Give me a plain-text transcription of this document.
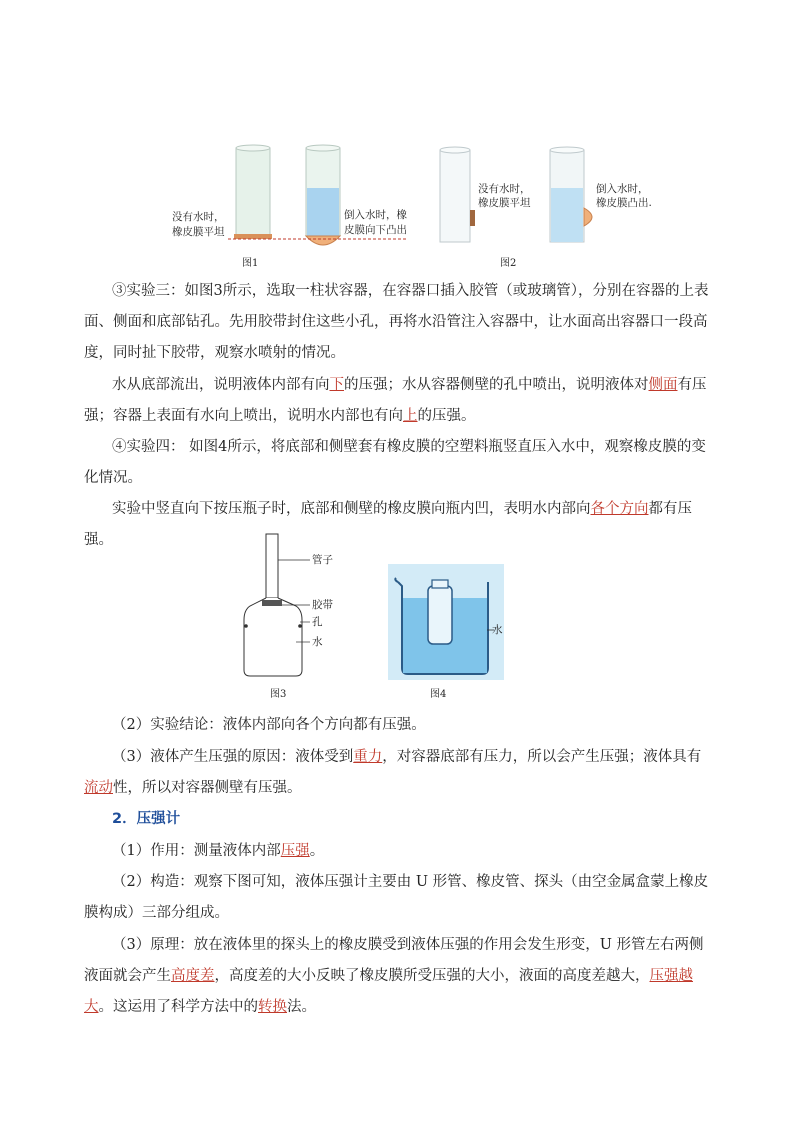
没有水时，
橡皮膜平坦
倒入水时，橡
皮膜向下凸出
图1
没有水时，
橡皮膜平坦
倒入水时，
橡皮膜凸出.
图2

③实验三：如图3所示，选取一柱状容器，在容器口插入胶管（或玻璃管），分别在容器的上表面、侧面和底部钻孔。先用胶带封住这些小孔，再将水沿管注入容器中，让水面高出容器口一段高度，同时扯下胶带，观察水喷射的情况。

水从底部流出，说明液体内部有向下的压强；水从容器侧壁的孔中喷出，说明液体对侧面有压强；容器上表面有水向上喷出，说明水内部也有向上的压强。

④实验四： 如图4所示，将底部和侧壁套有橡皮膜的空塑料瓶竖直压入水中，观察橡皮膜的变化情况。

实验中竖直向下按压瓶子时，底部和侧壁的橡皮膜向瓶内凹，表明水内部向各个方向都有压强。

管子
胶带
孔
水
图3
水
图4

（2）实验结论：液体内部向各个方向都有压强。

（3）液体产生压强的原因：液体受到重力，对容器底部有压力，所以会产生压强；液体具有流动性，所以对容器侧壁有压强。

2．压强计

（1）作用：测量液体内部压强。

（2）构造：观察下图可知，液体压强计主要由 U 形管、橡皮管、探头（由空金属盒蒙上橡皮膜构成）三部分组成。

（3）原理：放在液体里的探头上的橡皮膜受到液体压强的作用会发生形变，U 形管左右两侧液面就会产生高度差，高度差的大小反映了橡皮膜所受压强的大小，液面的高度差越大，压强越大。这运用了科学方法中的转换法。
